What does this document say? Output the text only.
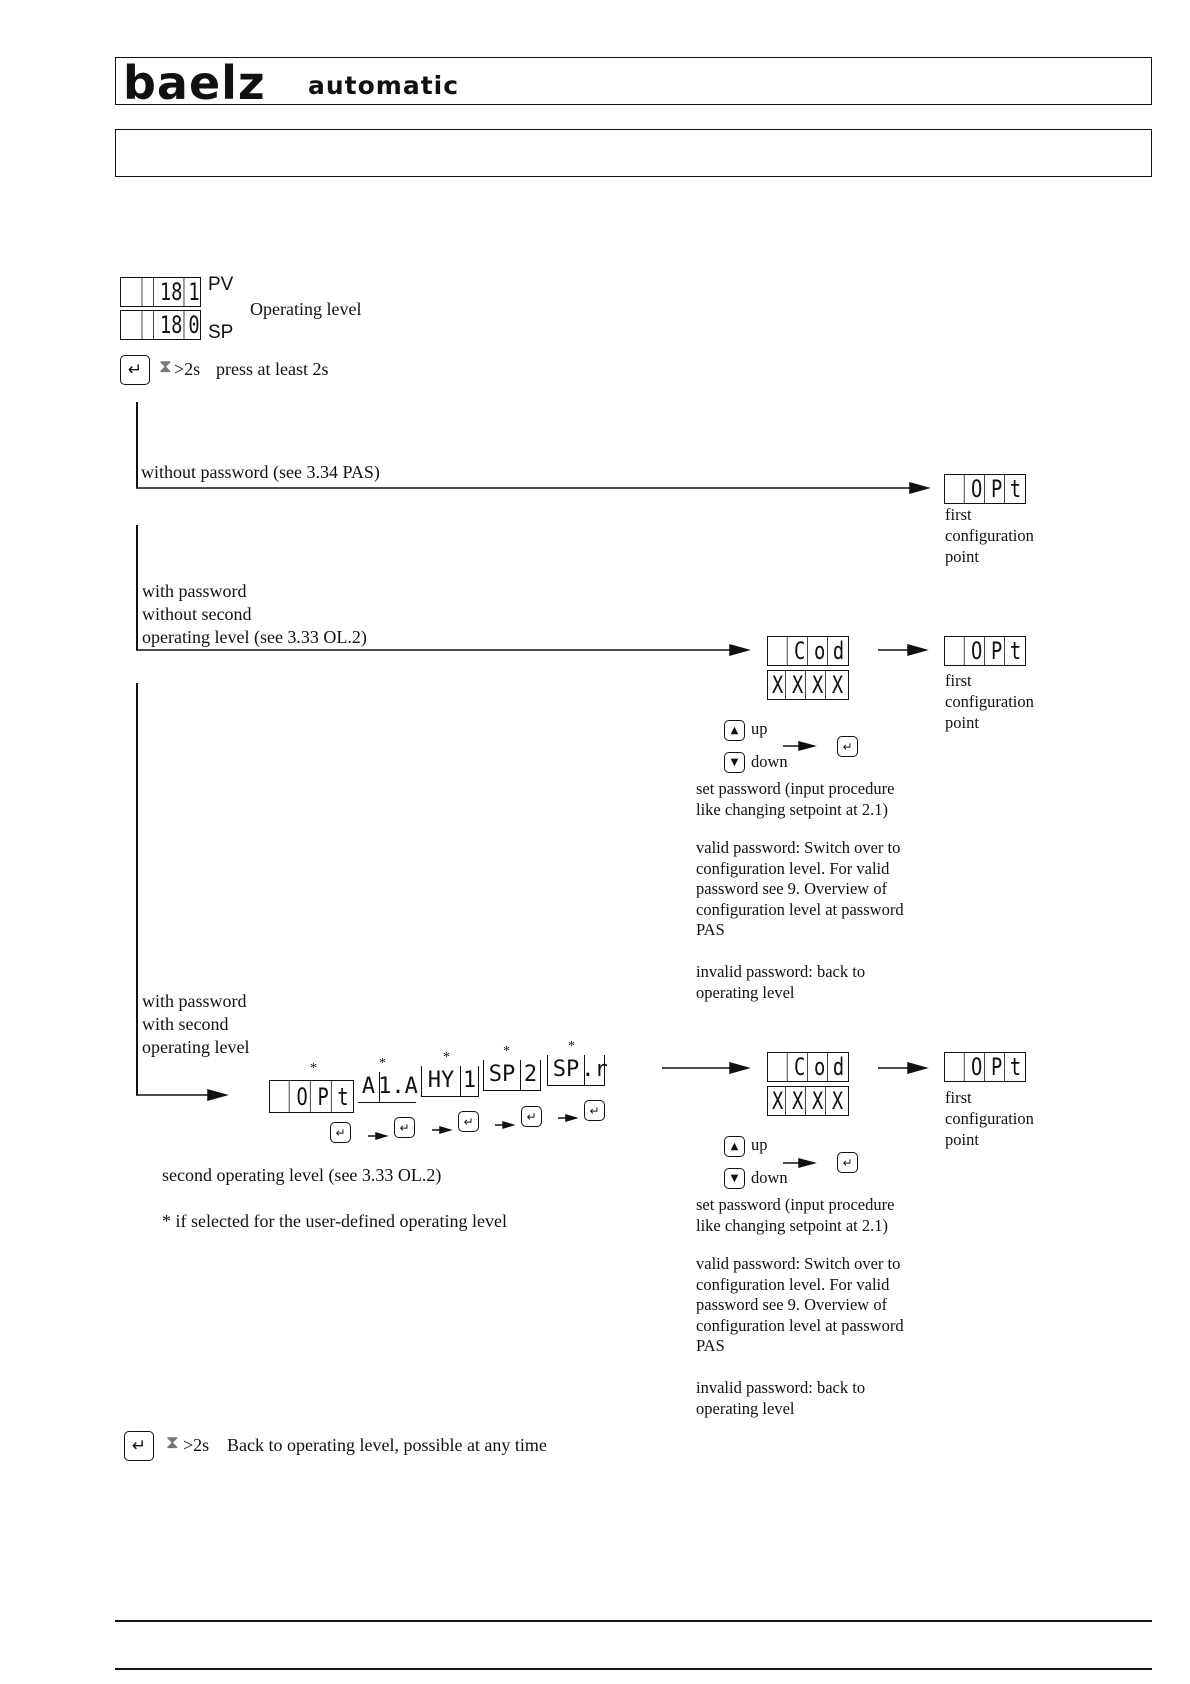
baelz automatic
18 1 PV
18 0 SP
Operating level
↵ ⧗ >2s press at least 2s
without password (see 3.34 PAS)
with password
without second
operating level (see 3.33 OL.2)
with password
with second
operating level
O P t
first
configuration
point
C o d
X X X X
O P t
first
configuration
point
▲ up
▼ down
↵
set password (input procedure
like changing setpoint at 2.1)
valid password: Switch over to
configuration level. For valid
password see 9. Overview of
configuration level at password
PAS
invalid password: back to
operating level
*
O P t
*
A 1.A
*
HY 1
*
SP 2
*
SP .r
↵	↵	↵	↵	↵
second operating level (see 3.33 OL.2)
* if selected for the user-defined operating level
C o d
X X X X
O P t
first
configuration
point
▲ up
▼ down
↵
set password (input procedure
like changing setpoint at 2.1)
valid password: Switch over to
configuration level. For valid
password see 9. Overview of
configuration level at password
PAS
invalid password: back to
operating level
↵	⧗ >2s Back to operating level, possible at any time
